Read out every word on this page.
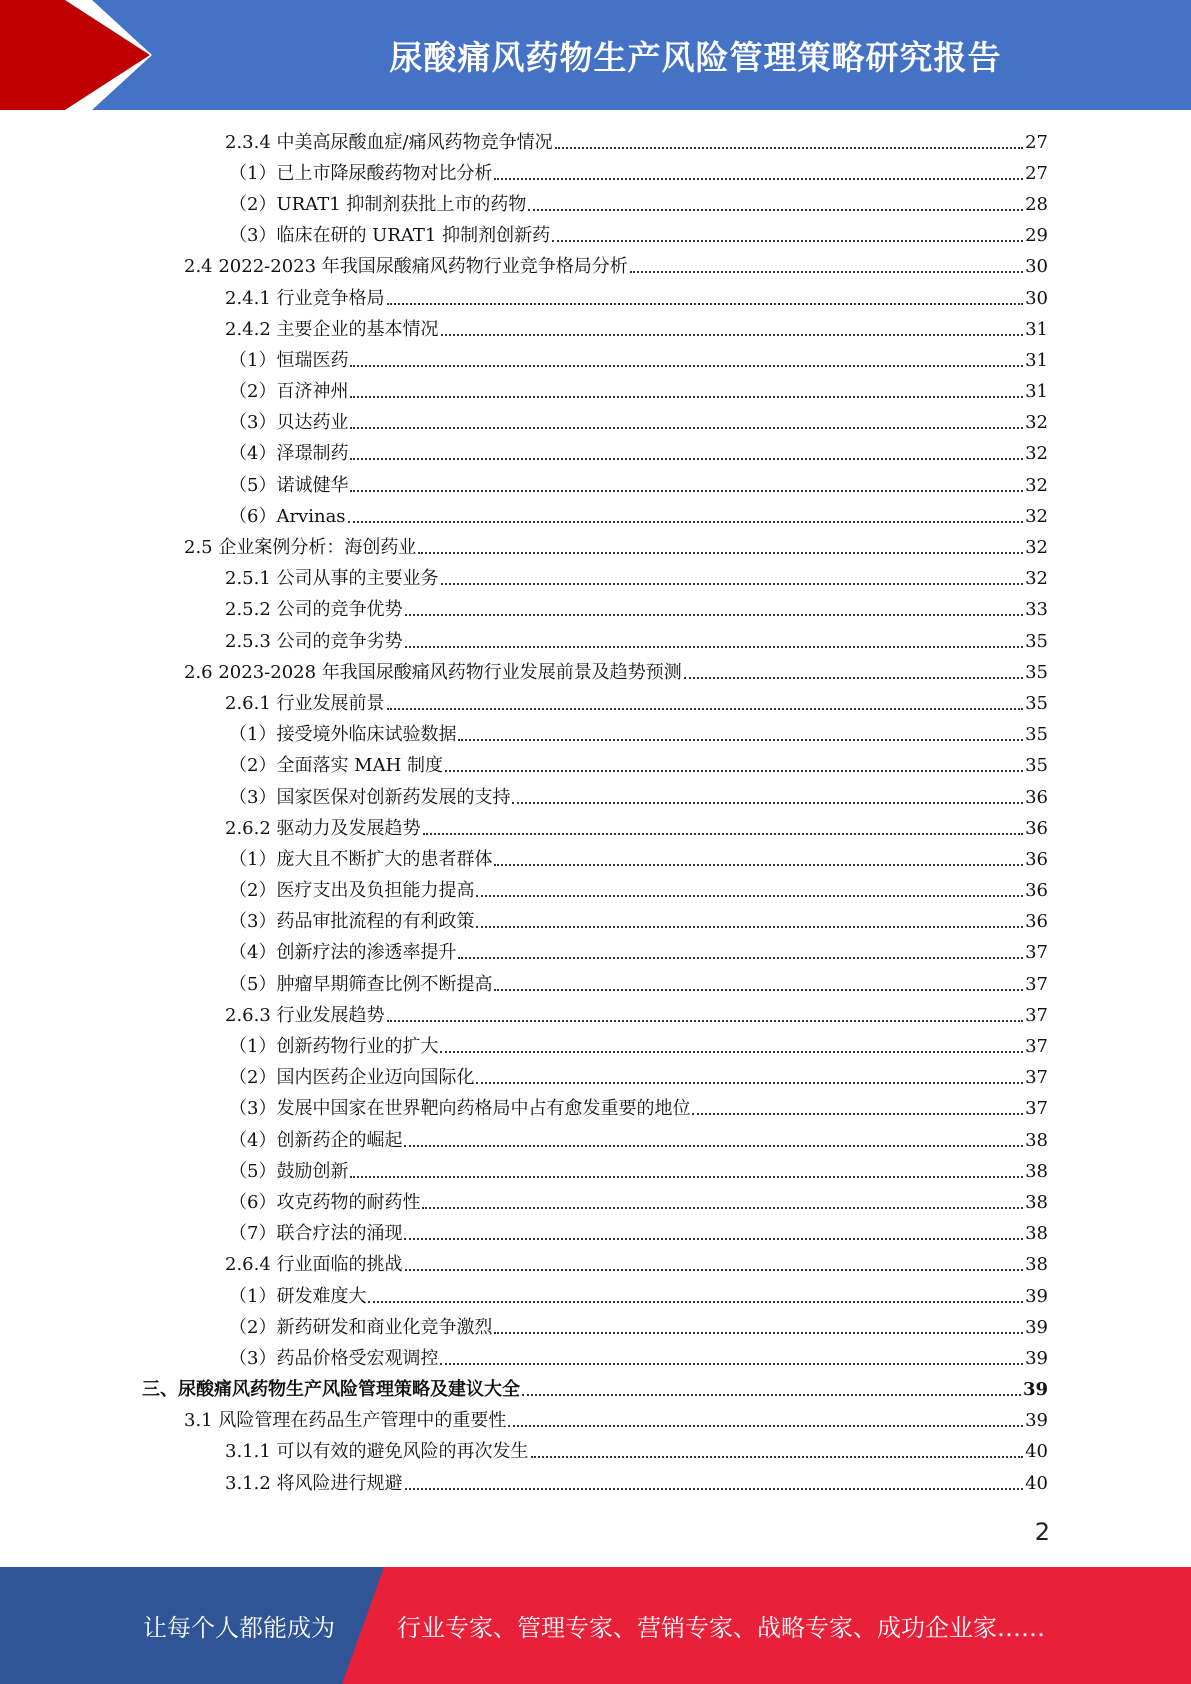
尿酸痛风药物生产风险管理策略研究报告
2.3.4 中美高尿酸血症/痛风药物竞争情况	27
（1）已上市降尿酸药物对比分析	27
（2）URAT1 抑制剂获批上市的药物	28
（3）临床在研的 URAT1 抑制剂创新药	29
2.4 2022-2023 年我国尿酸痛风药物行业竞争格局分析	30
2.4.1 行业竞争格局	30
2.4.2 主要企业的基本情况	31
（1）恒瑞医药	31
（2）百济神州	31
（3）贝达药业	32
（4）泽璟制药	32
（5）诺诚健华	32
（6）Arvinas	32
2.5 企业案例分析：海创药业	32
2.5.1 公司从事的主要业务	32
2.5.2 公司的竞争优势	33
2.5.3 公司的竞争劣势	35
2.6 2023-2028 年我国尿酸痛风药物行业发展前景及趋势预测	35
2.6.1 行业发展前景	35
（1）接受境外临床试验数据	35
（2）全面落实 MAH 制度	35
（3）国家医保对创新药发展的支持	36
2.6.2 驱动力及发展趋势	36
（1）庞大且不断扩大的患者群体	36
（2）医疗支出及负担能力提高	36
（3）药品审批流程的有利政策	36
（4）创新疗法的渗透率提升	37
（5）肿瘤早期筛查比例不断提高	37
2.6.3 行业发展趋势	37
（1）创新药物行业的扩大	37
（2）国内医药企业迈向国际化	37
（3）发展中国家在世界靶向药格局中占有愈发重要的地位	37
（4）创新药企的崛起	38
（5）鼓励创新	38
（6）攻克药物的耐药性	38
（7）联合疗法的涌现	38
2.6.4 行业面临的挑战	38
（1）研发难度大	39
（2）新药研发和商业化竞争激烈	39
（3）药品价格受宏观调控	39
三、尿酸痛风药物生产风险管理策略及建议大全	39
3.1 风险管理在药品生产管理中的重要性	39
3.1.1 可以有效的避免风险的再次发生	40
3.1.2 将风险进行规避	40
2
让每个人都能成为	行业专家、管理专家、营销专家、战略专家、成功企业家……
